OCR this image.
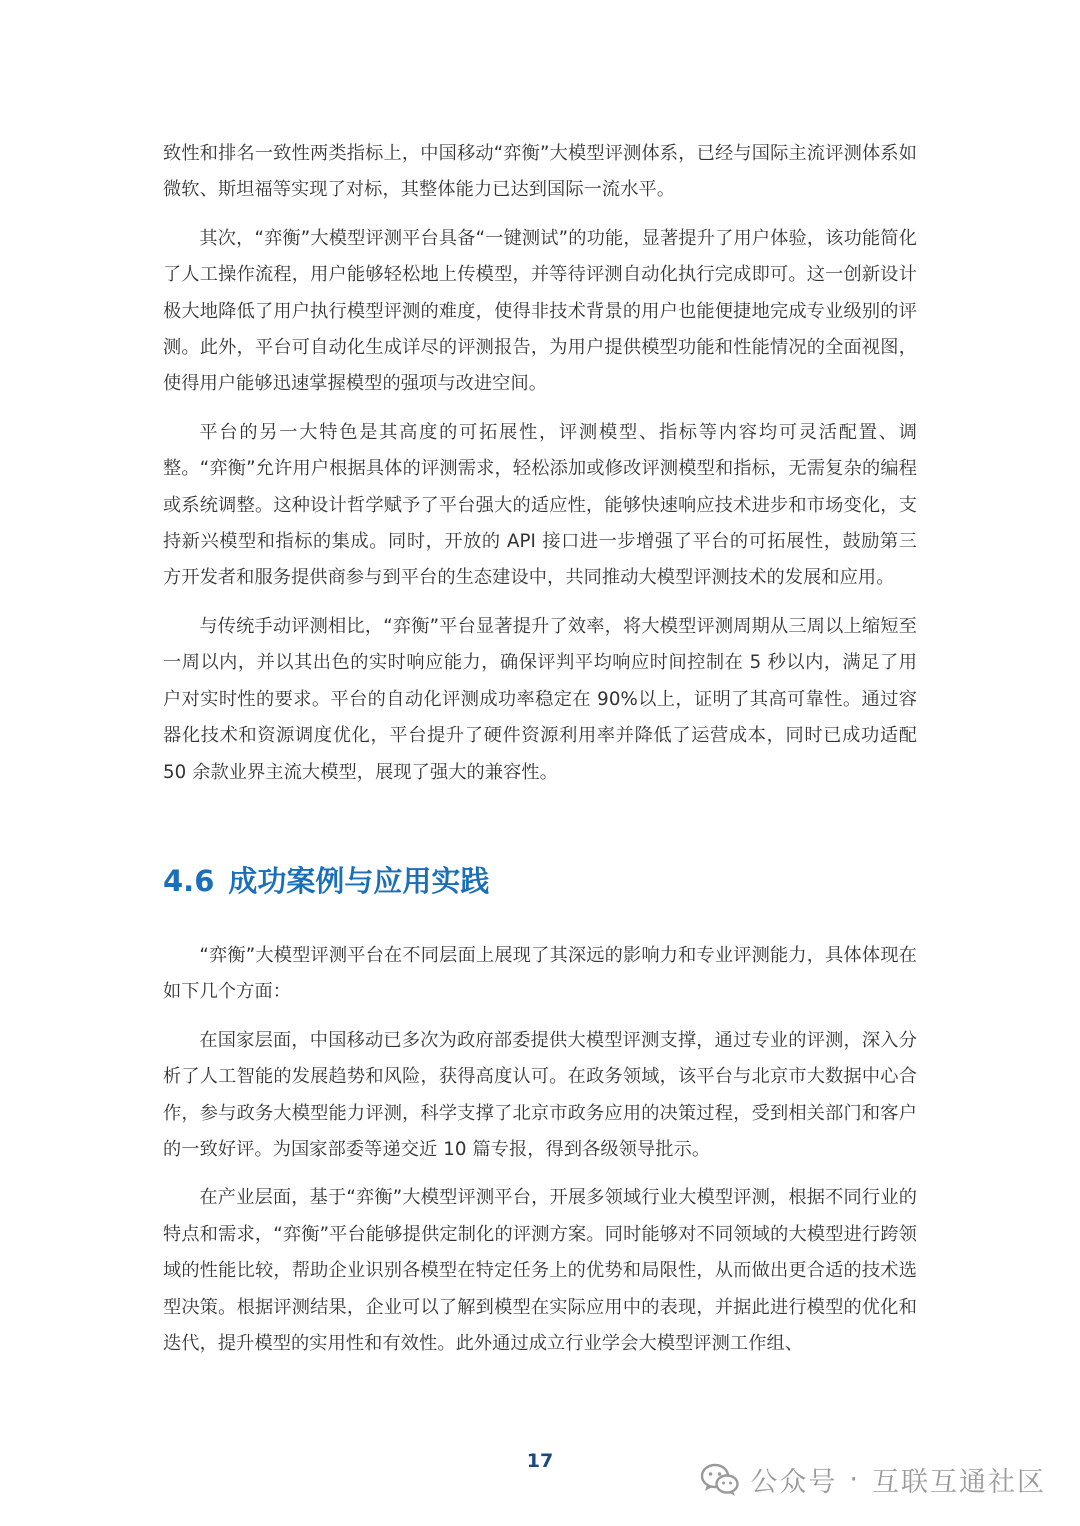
致性和排名一致性两类指标上，中国移动“弈衡”大模型评测体系，已经与国际主流评测体系如微软、斯坦福等实现了对标，其整体能力已达到国际一流水平。

其次，“弈衡”大模型评测平台具备“一键测试”的功能，显著提升了用户体验，该功能简化了人工操作流程，用户能够轻松地上传模型，并等待评测自动化执行完成即可。这一创新设计极大地降低了用户执行模型评测的难度，使得非技术背景的用户也能便捷地完成专业级别的评测。此外，平台可自动化生成详尽的评测报告，为用户提供模型功能和性能情况的全面视图，使得用户能够迅速掌握模型的强项与改进空间。

平台的另一大特色是其高度的可拓展性，评测模型、指标等内容均可灵活配置、调整。“弈衡”允许用户根据具体的评测需求，轻松添加或修改评测模型和指标，无需复杂的编程或系统调整。这种设计哲学赋予了平台强大的适应性，能够快速响应技术进步和市场变化，支持新兴模型和指标的集成。同时，开放的 API 接口进一步增强了平台的可拓展性，鼓励第三方开发者和服务提供商参与到平台的生态建设中，共同推动大模型评测技术的发展和应用。

与传统手动评测相比，“弈衡”平台显著提升了效率，将大模型评测周期从三周以上缩短至一周以内，并以其出色的实时响应能力，确保评判平均响应时间控制在 5 秒以内，满足了用户对实时性的要求。平台的自动化评测成功率稳定在 90%以上，证明了其高可靠性。通过容器化技术和资源调度优化，平台提升了硬件资源利用率并降低了运营成本，同时已成功适配 50 余款业界主流大模型，展现了强大的兼容性。

4.6 成功案例与应用实践

“弈衡”大模型评测平台在不同层面上展现了其深远的影响力和专业评测能力，具体体现在如下几个方面：

在国家层面，中国移动已多次为政府部委提供大模型评测支撑，通过专业的评测，深入分析了人工智能的发展趋势和风险，获得高度认可。在政务领域，该平台与北京市大数据中心合作，参与政务大模型能力评测，科学支撑了北京市政务应用的决策过程，受到相关部门和客户的一致好评。为国家部委等递交近 10 篇专报，得到各级领导批示。

在产业层面，基于“弈衡”大模型评测平台，开展多领域行业大模型评测，根据不同行业的特点和需求，“弈衡”平台能够提供定制化的评测方案。同时能够对不同领域的大模型进行跨领域的性能比较，帮助企业识别各模型在特定任务上的优势和局限性，从而做出更合适的技术选型决策。根据评测结果，企业可以了解到模型在实际应用中的表现，并据此进行模型的优化和迭代，提升模型的实用性和有效性。此外通过成立行业学会大模型评测工作组、

17
公众号 · 互联互通社区
